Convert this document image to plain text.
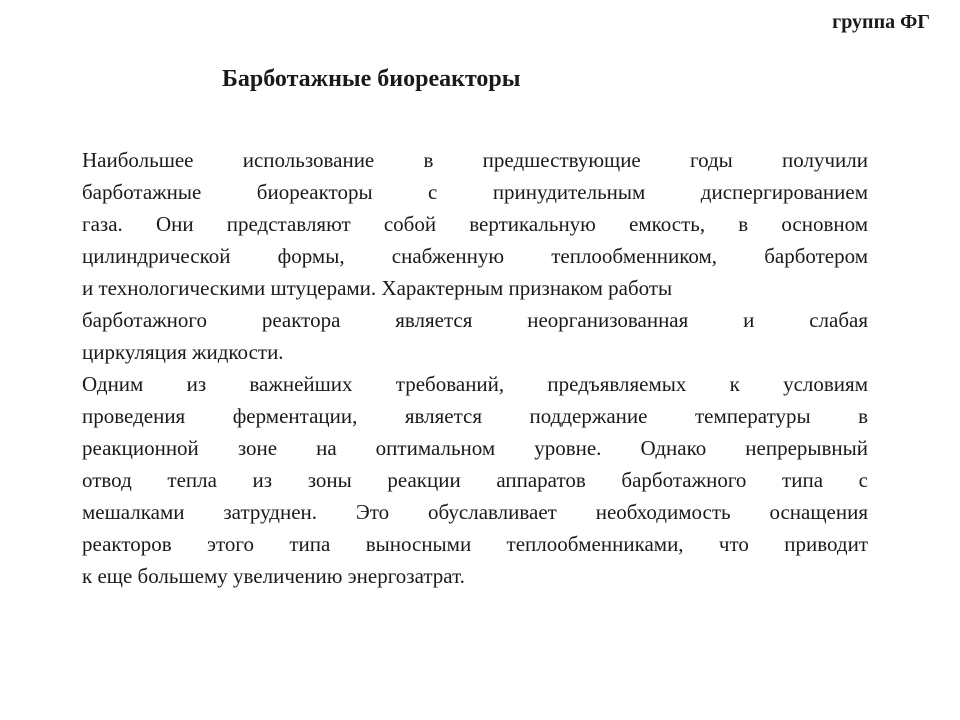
группа ФГ
Барботажные биореакторы
Наибольшее использование в предшествующие годы получили
барботажные биореакторы с принудительным диспергированием
газа. Они представляют собой вертикальную емкость, в основном
цилиндрической формы, снабженную теплообменником, барботером
и технологическими штуцерами. Характерным признаком работы
барботажного реактора является неорганизованная и слабая
циркуляция жидкости.
Одним из важнейших требований, предъявляемых к условиям
проведения ферментации, является поддержание температуры в
реакционной зоне на оптимальном уровне. Однако непрерывный
отвод тепла из зоны реакции аппаратов барботажного типа с
мешалками затруднен. Это обуславливает необходимость оснащения
реакторов этого типа выносными теплообменниками, что приводит
к еще большему увеличению энергозатрат.
